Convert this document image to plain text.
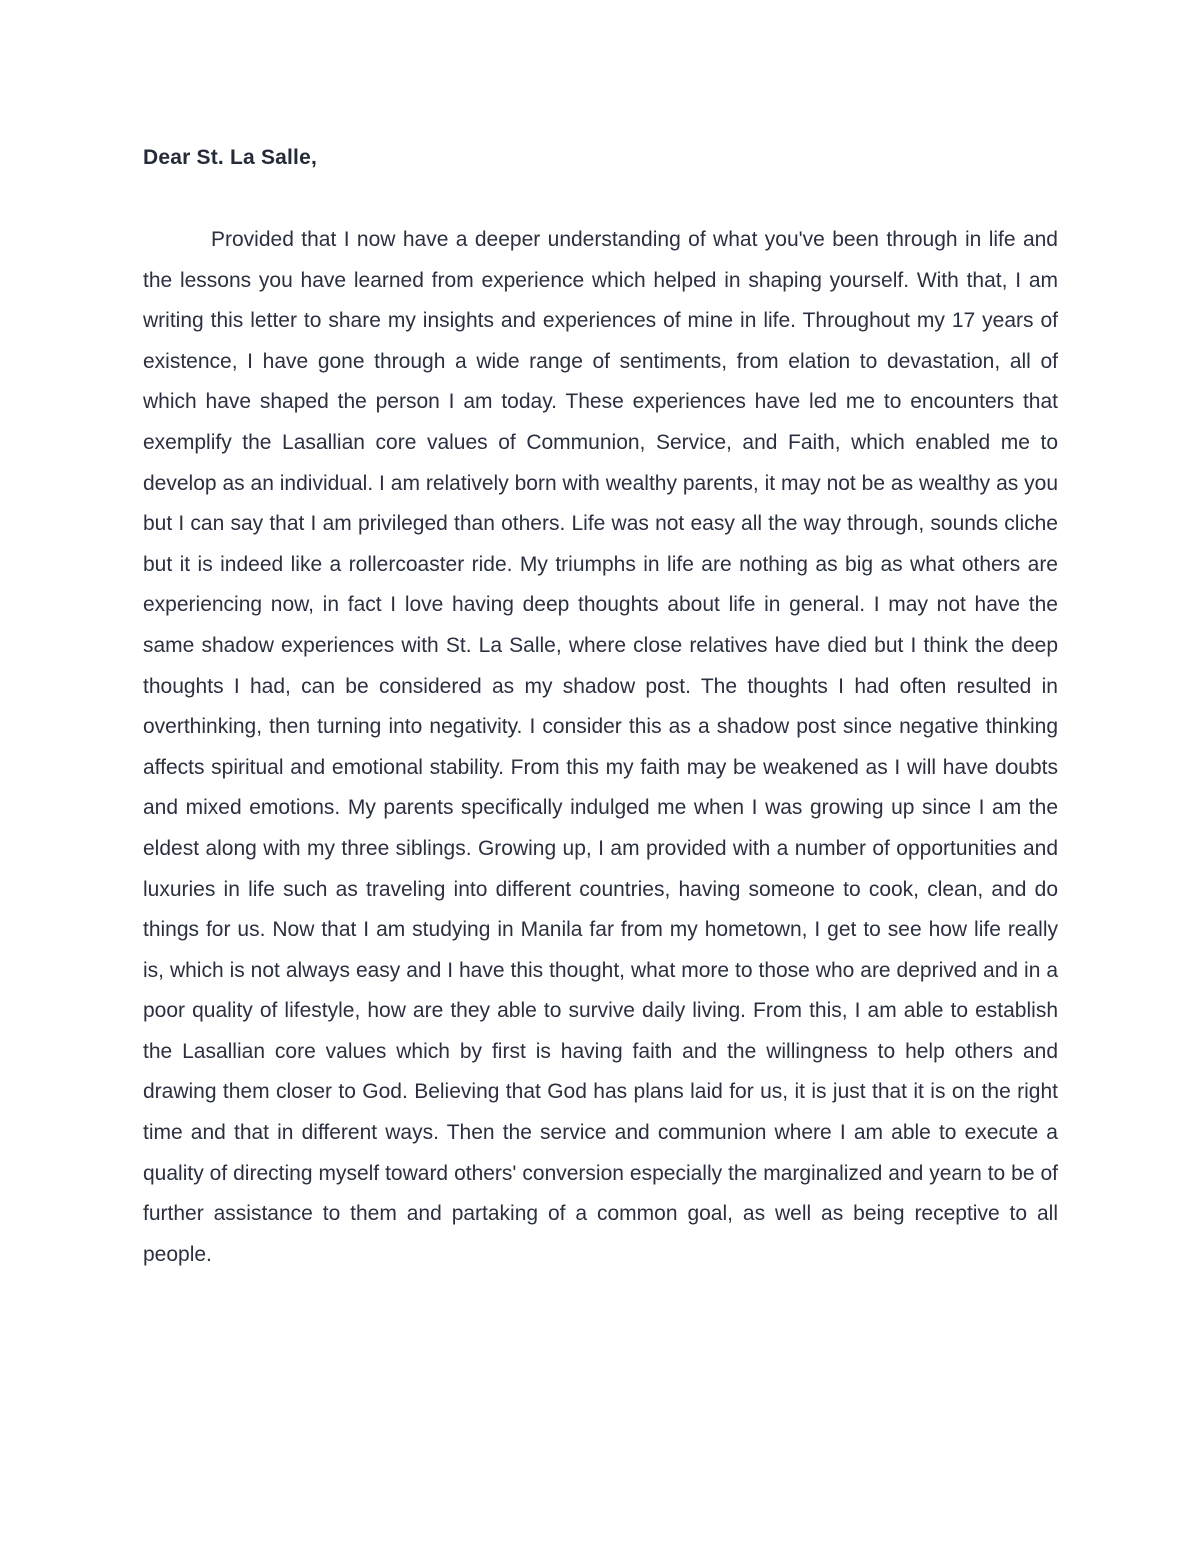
Dear St. La Salle,

Provided that I now have a deeper understanding of what you've been through in life and the lessons you have learned from experience which helped in shaping yourself. With that, I am writing this letter to share my insights and experiences of mine in life. Throughout my 17 years of existence, I have gone through a wide range of sentiments, from elation to devastation, all of which have shaped the person I am today. These experiences have led me to encounters that exemplify the Lasallian core values of Communion, Service, and Faith, which enabled me to develop as an individual. I am relatively born with wealthy parents, it may not be as wealthy as you but I can say that I am privileged than others. Life was not easy all the way through, sounds cliche but it is indeed like a rollercoaster ride. My triumphs in life are nothing as big as what others are experiencing now, in fact I love having deep thoughts about life in general. I may not have the same shadow experiences with St. La Salle, where close relatives have died but I think the deep thoughts I had, can be considered as my shadow post. The thoughts I had often resulted in overthinking, then turning into negativity. I consider this as a shadow post since negative thinking affects spiritual and emotional stability. From this my faith may be weakened as I will have doubts and mixed emotions. My parents specifically indulged me when I was growing up since I am the eldest along with my three siblings. Growing up, I am provided with a number of opportunities and luxuries in life such as traveling into different countries, having someone to cook, clean, and do things for us. Now that I am studying in Manila far from my hometown, I get to see how life really is, which is not always easy and I have this thought, what more to those who are deprived and in a poor quality of lifestyle, how are they able to survive daily living. From this, I am able to establish the Lasallian core values which by first is having faith and the willingness to help others and drawing them closer to God. Believing that God has plans laid for us, it is just that it is on the right time and that in different ways. Then the service and communion where I am able to execute a quality of directing myself toward others' conversion especially the marginalized and yearn to be of further assistance to them and partaking of a common goal, as well as being receptive to all people.
